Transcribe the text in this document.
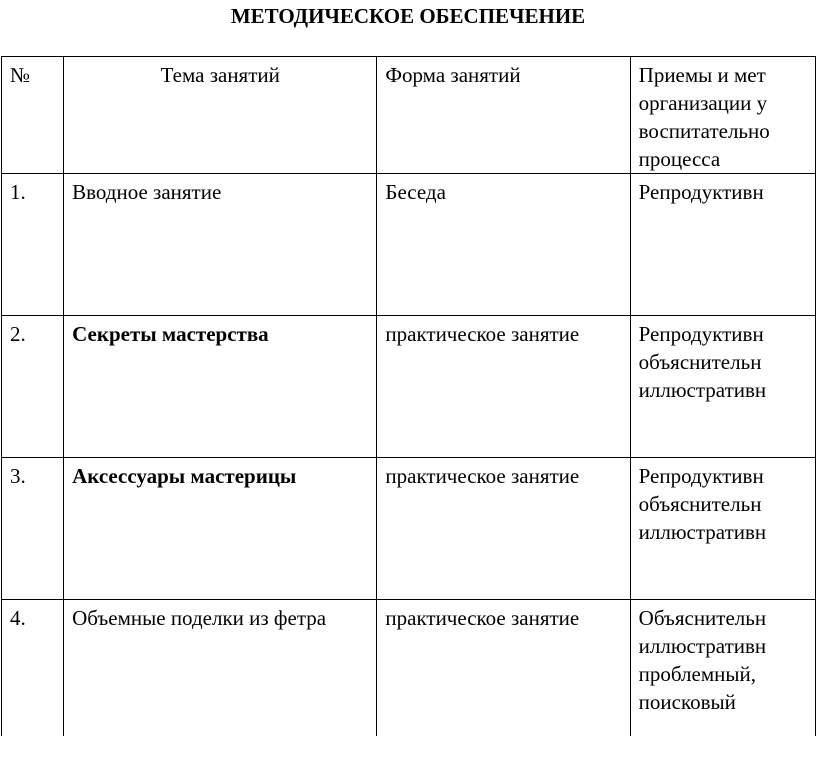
МЕТОДИЧЕСКОЕ ОБЕСПЕЧЕНИЕ
№	Тема занятий	Форма занятий	Приемы и мет
организации у
воспитательно
процесса

1.	Вводное занятие	Беседа	Репродуктивн

2.	Секреты мастерства	практическое занятие	Репродуктивн
объяснительн
иллюстративн

3.	Аксессуары мастерицы	практическое занятие	Репродуктивн
объяснительн
иллюстративн

4.	Объемные поделки из фетра	практическое занятие	Объяснительн
иллюстративн
проблемный,
поисковый
